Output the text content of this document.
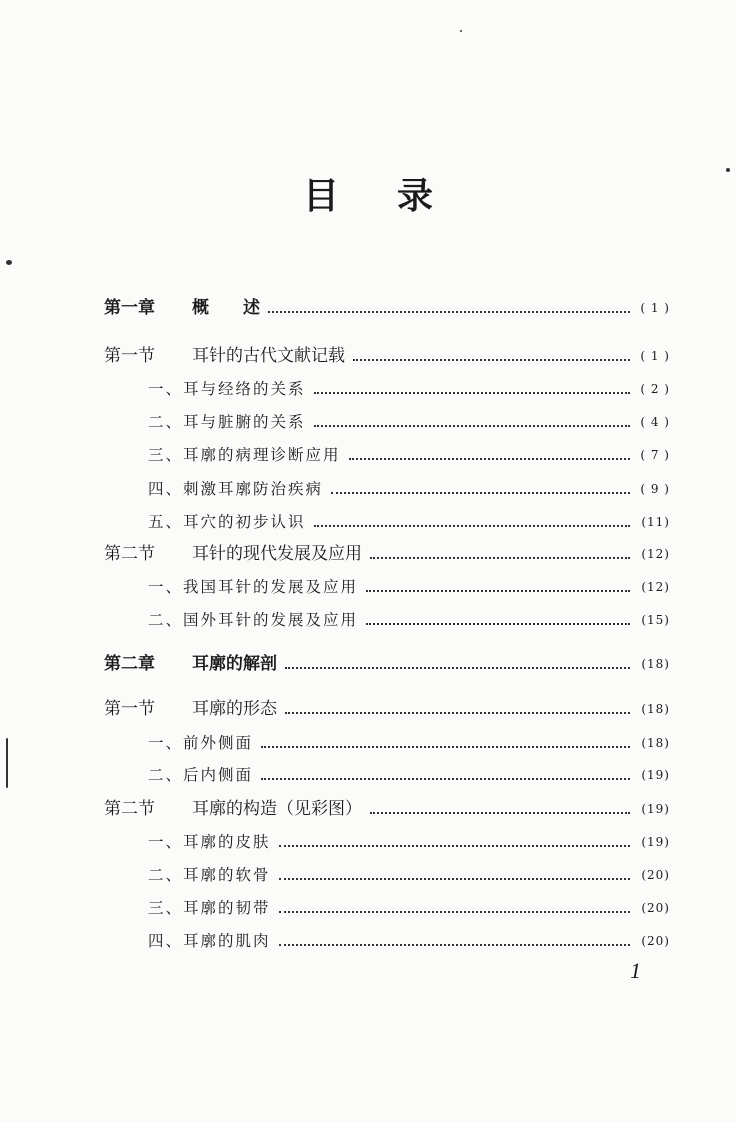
目 录
第一章	概　　述	( 1 )
第一节	耳针的古代文献记载	( 1 )
一、耳与经络的关系	( 2 )
二、耳与脏腑的关系	( 4 )
三、耳廓的病理诊断应用	( 7 )
四、刺激耳廓防治疾病	( 9 )
五、耳穴的初步认识	(11)
第二节	耳针的现代发展及应用	(12)
一、我国耳针的发展及应用	(12)
二、国外耳针的发展及应用	(15)
第二章	耳廓的解剖	(18)
第一节	耳廓的形态	(18)
一、前外侧面	(18)
二、后内侧面	(19)
第二节	耳廓的构造（见彩图）	(19)
一、耳廓的皮肤	(19)
二、耳廓的软骨	(20)
三、耳廓的韧带	(20)
四、耳廓的肌肉	(20)
1
